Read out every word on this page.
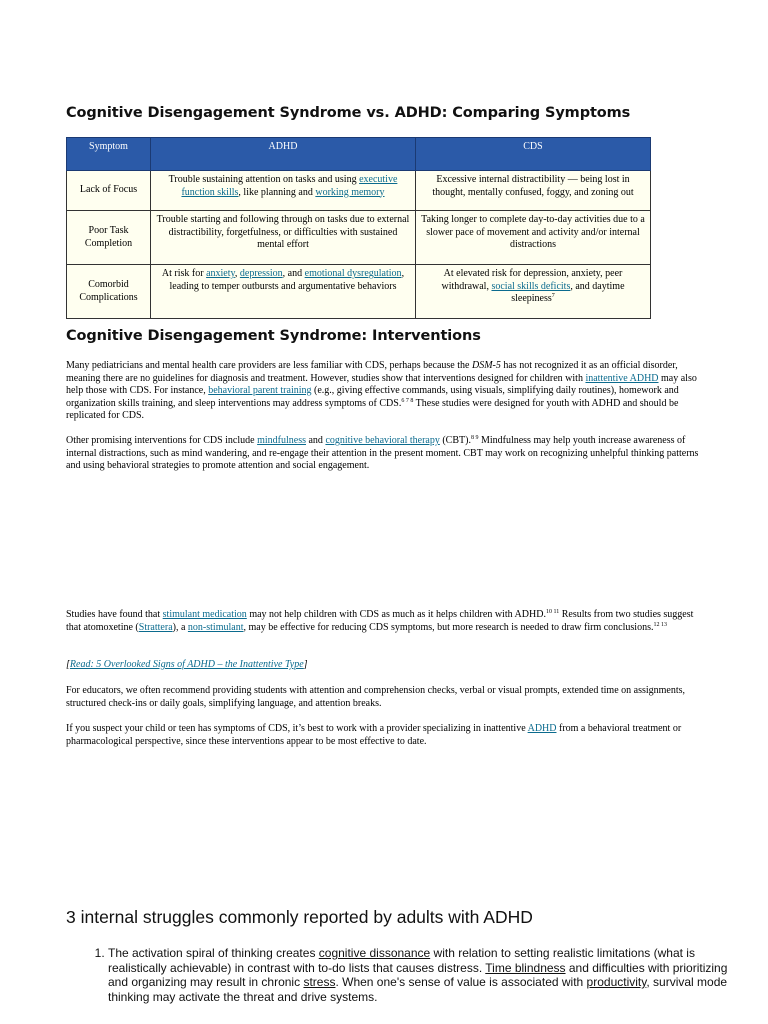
Cognitive Disengagement Syndrome vs. ADHD: Comparing Symptoms
Symptom	ADHD	CDS
Lack of Focus	Trouble sustaining attention on tasks and using executive function skills, like planning and working memory	Excessive internal distractibility — being lost in thought, mentally confused, foggy, and zoning out
Poor Task Completion	Trouble starting and following through on tasks due to external distractibility, forgetfulness, or difficulties with sustained mental effort	Taking longer to complete day-to-day activities due to a slower pace of movement and activity and/or internal distractions
Comorbid Complications	At risk for anxiety, depression, and emotional dysregulation, leading to temper outbursts and argumentative behaviors	At elevated risk for depression, anxiety, peer withdrawal, social skills deficits, and daytime sleepiness$^7$
Cognitive Disengagement Syndrome: Interventions

Many pediatricians and mental health care providers are less familiar with CDS, perhaps because the DSM-5 has not recognized it as an official disorder, meaning there are no guidelines for diagnosis and treatment. However, studies show that interventions designed for children with inattentive ADHD may also help those with CDS. For instance, behavioral parent training (e.g., giving effective commands, using visuals, simplifying daily routines), homework and organization skills training, and sleep interventions may address symptoms of CDS.$^{6 7 8}$ These studies were designed for youth with ADHD and should be replicated for CDS.

Other promising interventions for CDS include mindfulness and cognitive behavioral therapy (CBT).$^{8 9}$ Mindfulness may help youth increase awareness of internal distractions, such as mind wandering, and re-engage their attention in the present moment. CBT may work on recognizing unhelpful thinking patterns and using behavioral strategies to promote attention and social engagement.

Studies have found that stimulant medication may not help children with CDS as much as it helps children with ADHD.$^{10 11}$ Results from two studies suggest that atomoxetine (Strattera), a non-stimulant, may be effective for reducing CDS symptoms, but more research is needed to draw firm conclusions.$^{12 13}$

[Read: 5 Overlooked Signs of ADHD – the Inattentive Type]

For educators, we often recommend providing students with attention and comprehension checks, verbal or visual prompts, extended time on assignments, structured check-ins or daily goals, simplifying language, and attention breaks.

If you suspect your child or teen has symptoms of CDS, it’s best to work with a provider specializing in inattentive ADHD from a behavioral treatment or pharmacological perspective, since these interventions appear to be most effective to date.

3 internal struggles commonly reported by adults with ADHD
1. The activation spiral of thinking creates cognitive dissonance with relation to setting realistic limitations (what is realistically achievable) in contrast with to-do lists that causes distress. Time blindness and difficulties with prioritizing and organizing may result in chronic stress. When one's sense of value is associated with productivity, survival mode thinking may activate the threat and drive systems.
